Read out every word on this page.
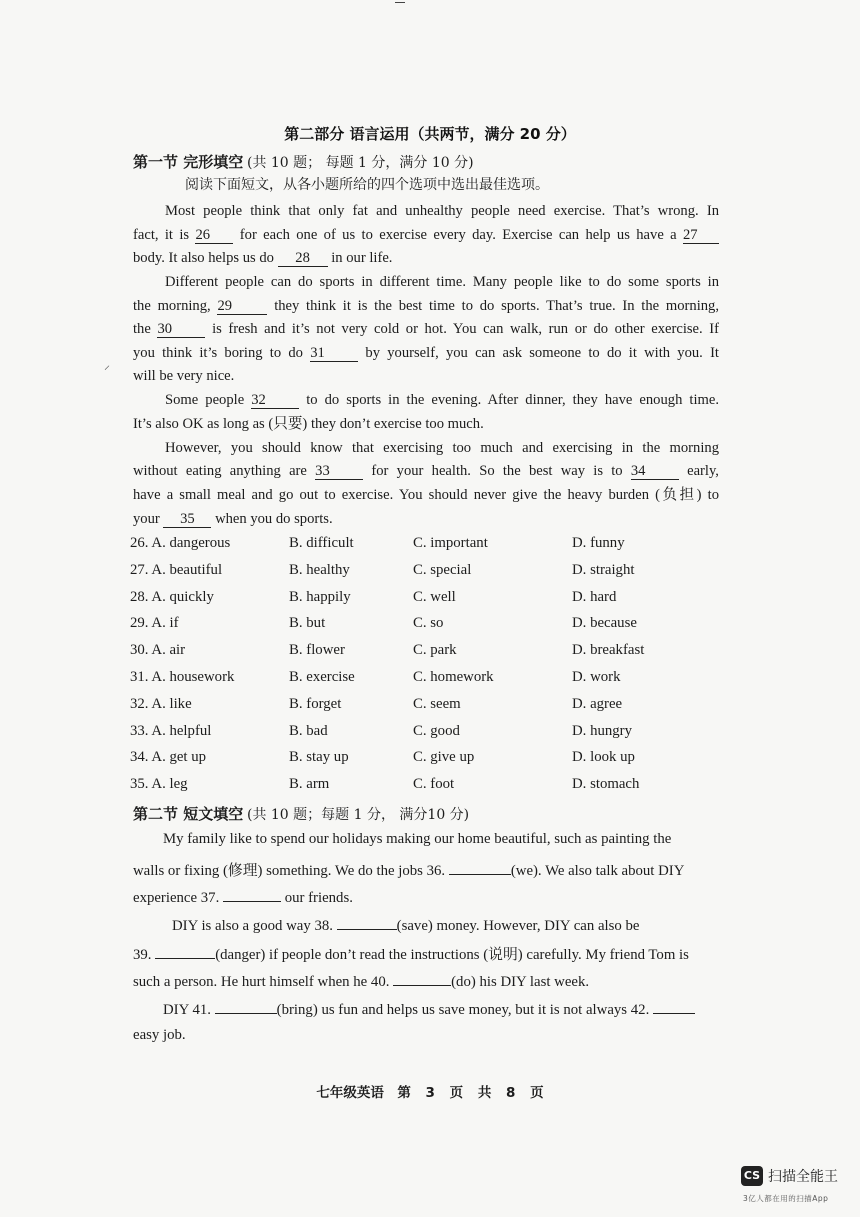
⸝
第二部分 语言运用（共两节，满分 20 分）
第一节 完形填空 (共 10 题； 每题 1 分，满分 10 分)
阅读下面短文，从各小题所给的四个选项中选出最佳选项。
Most people think that only fat and unhealthy people need exercise. That’s wrong. In
fact, it is 26 for each one of us to exercise every day. Exercise can help us have a 27
body. It also helps us do 28 in our life.
Different people can do sports in different time. Many people like to do some sports in
the morning, 29	they think it is the best time to do sports. That’s true. In the morning,
the 30	is fresh and it’s not very cold or hot. You can walk, run or do other exercise. If
you think it’s boring to do 31	by yourself, you can ask someone to do it with you. It
will be very nice.
Some people 32	to do sports in the evening. After dinner, they have enough time.
It’s also OK as long as (只要) they don’t exercise too much.
However, you should know that exercising too much and exercising in the morning
without eating anything are 33	for your health. So the best way is to 34	early,
have a small meal and go out to exercise. You should never give the heavy burden (负担) to
your 35 when you do sports.
26. A. dangerous	B. difficult	C. important	D. funny
27. A. beautiful	B. healthy	C. special	D. straight
28. A. quickly	B. happily	C. well	D. hard
29. A. if	B. but	C. so	D. because
30. A. air	B. flower	C. park	D. breakfast
31. A. housework	B. exercise	C. homework	D. work
32. A. like	B. forget	C. seem	D. agree
33. A. helpful	B. bad	C. good	D. hungry
34. A. get up	B. stay up	C. give up	D. look up
35. A. leg	B. arm	C. foot	D. stomach
第二节 短文填空 (共 10 题；每题 1 分， 满分10 分)
My family like to spend our holidays making our home beautiful, such as painting the
walls or fixing (修理) something. We do the jobs 36.	(we). We also talk about DIY
experience 37.	our friends.
DIY is also a good way 38.	(save) money. However, DIY can also be
39.	(danger) if people don’t read the instructions (说明) carefully. My friend Tom is
such a person. He hurt himself when he 40.	(do) his DIY last week.
DIY 41.	(bring) us fun and helps us save money, but it is not always 42.
easy job.
七年级英语　第 3 页 共 8 页
CS 扫描全能王
3亿人都在用的扫描App
